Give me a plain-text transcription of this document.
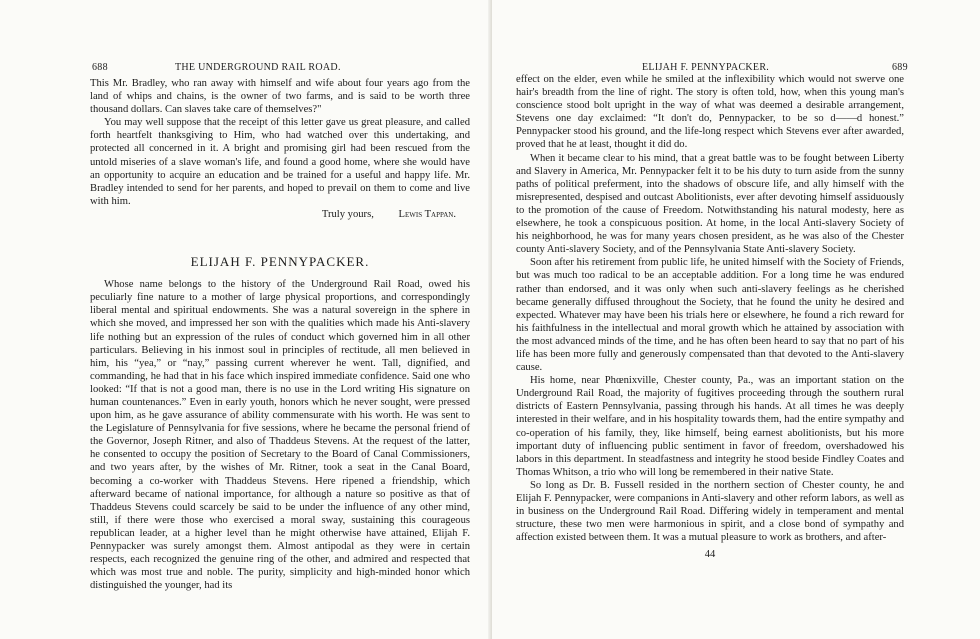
688	THE UNDERGROUND RAIL ROAD.

This Mr. Bradley, who ran away with himself and wife about four years ago from the land of whips and chains, is the owner of two farms, and is said to be worth three thousand dollars. Can slaves take care of themselves?"

You may well suppose that the receipt of this letter gave us great pleasure, and called forth heartfelt thanksgiving to Him, who had watched over this undertaking, and protected all concerned in it. A bright and promising girl had been rescued from the untold miseries of a slave woman's life, and found a good home, where she would have an opportunity to acquire an education and be trained for a useful and happy life. Mr. Bradley intended to send for her parents, and hoped to prevail on them to come and live with him.

Truly yours, Lewis Tappan.
ELIJAH F. PENNYPACKER.

Whose name belongs to the history of the Underground Rail Road, owed his peculiarly fine nature to a mother of large physical proportions, and correspondingly liberal mental and spiritual endowments. She was a natural sovereign in the sphere in which she moved, and impressed her son with the qualities which made his Anti-slavery life nothing but an expression of the rules of conduct which governed him in all other particulars. Believing in his inmost soul in principles of rectitude, all men believed in him, his “yea,” or “nay,” passing current wherever he went. Tall, dignified, and commanding, he had that in his face which inspired immediate confidence. Said one who looked: “If that is not a good man, there is no use in the Lord writing His signature on human countenances.” Even in early youth, honors which he never sought, were pressed upon him, as he gave assurance of ability commensurate with his worth. He was sent to the Legislature of Pennsylvania for five sessions, where he became the personal friend of the Governor, Joseph Ritner, and also of Thaddeus Stevens. At the request of the latter, he consented to occupy the position of Secretary to the Board of Canal Commissioners, and two years after, by the wishes of Mr. Ritner, took a seat in the Canal Board, becoming a co-worker with Thaddeus Stevens. Here ripened a friendship, which afterward became of national importance, for although a nature so positive as that of Thaddeus Stevens could scarcely be said to be under the influence of any other mind, still, if there were those who exercised a moral sway, sustaining this courageous republican leader, at a higher level than he might otherwise have attained, Elijah F. Pennypacker was surely amongst them. Almost antipodal as they were in certain respects, each recognized the genuine ring of the other, and admired and respected that which was most true and noble. The purity, simplicity and high-minded honor which distinguished the younger, had its

ELIJAH F. PENNYPACKER.	689

effect on the elder, even while he smiled at the inflexibility which would not swerve one hair's breadth from the line of right. The story is often told, how, when this young man's conscience stood bolt upright in the way of what was deemed a desirable arrangement, Stevens one day exclaimed: “It don't do, Pennypacker, to be so d——d honest.” Pennypacker stood his ground, and the life-long respect which Stevens ever after awarded, proved that he at least, thought it did do.

When it became clear to his mind, that a great battle was to be fought between Liberty and Slavery in America, Mr. Pennypacker felt it to be his duty to turn aside from the sunny paths of political preferment, into the shadows of obscure life, and ally himself with the misrepresented, despised and outcast Abolitionists, ever after devoting himself assiduously to the promotion of the cause of Freedom. Notwithstanding his natural modesty, here as elsewhere, he took a conspicuous position. At home, in the local Anti-slavery Society of his neighborhood, he was for many years chosen president, as he was also of the Chester county Anti-slavery Society, and of the Pennsylvania State Anti-slavery Society.

Soon after his retirement from public life, he united himself with the Society of Friends, but was much too radical to be an acceptable addition. For a long time he was endured rather than endorsed, and it was only when such anti-slavery feelings as he cherished became generally diffused throughout the Society, that he found the unity he desired and expected. Whatever may have been his trials here or elsewhere, he found a rich reward for his faithfulness in the intellectual and moral growth which he attained by association with the most advanced minds of the time, and he has often been heard to say that no part of his life has been more fully and generously compensated than that devoted to the Anti-slavery cause.

His home, near Phœnixville, Chester county, Pa., was an important station on the Underground Rail Road, the majority of fugitives proceeding through the southern rural districts of Eastern Pennsylvania, passing through his hands. At all times he was deeply interested in their welfare, and in his hospitality towards them, had the entire sympathy and co-operation of his family, they, like himself, being earnest abolitionists, but his more important duty of influencing public sentiment in favor of freedom, overshadowed his labors in this department. In steadfastness and integrity he stood beside Findley Coates and Thomas Whitson, a trio who will long be remembered in their native State.

So long as Dr. B. Fussell resided in the northern section of Chester county, he and Elijah F. Pennypacker, were companions in Anti-slavery and other reform labors, as well as in business on the Underground Rail Road. Differing widely in temperament and mental structure, these two men were harmonious in spirit, and a close bond of sympathy and affection existed between them. It was a mutual pleasure to work as brothers, and after-

44
